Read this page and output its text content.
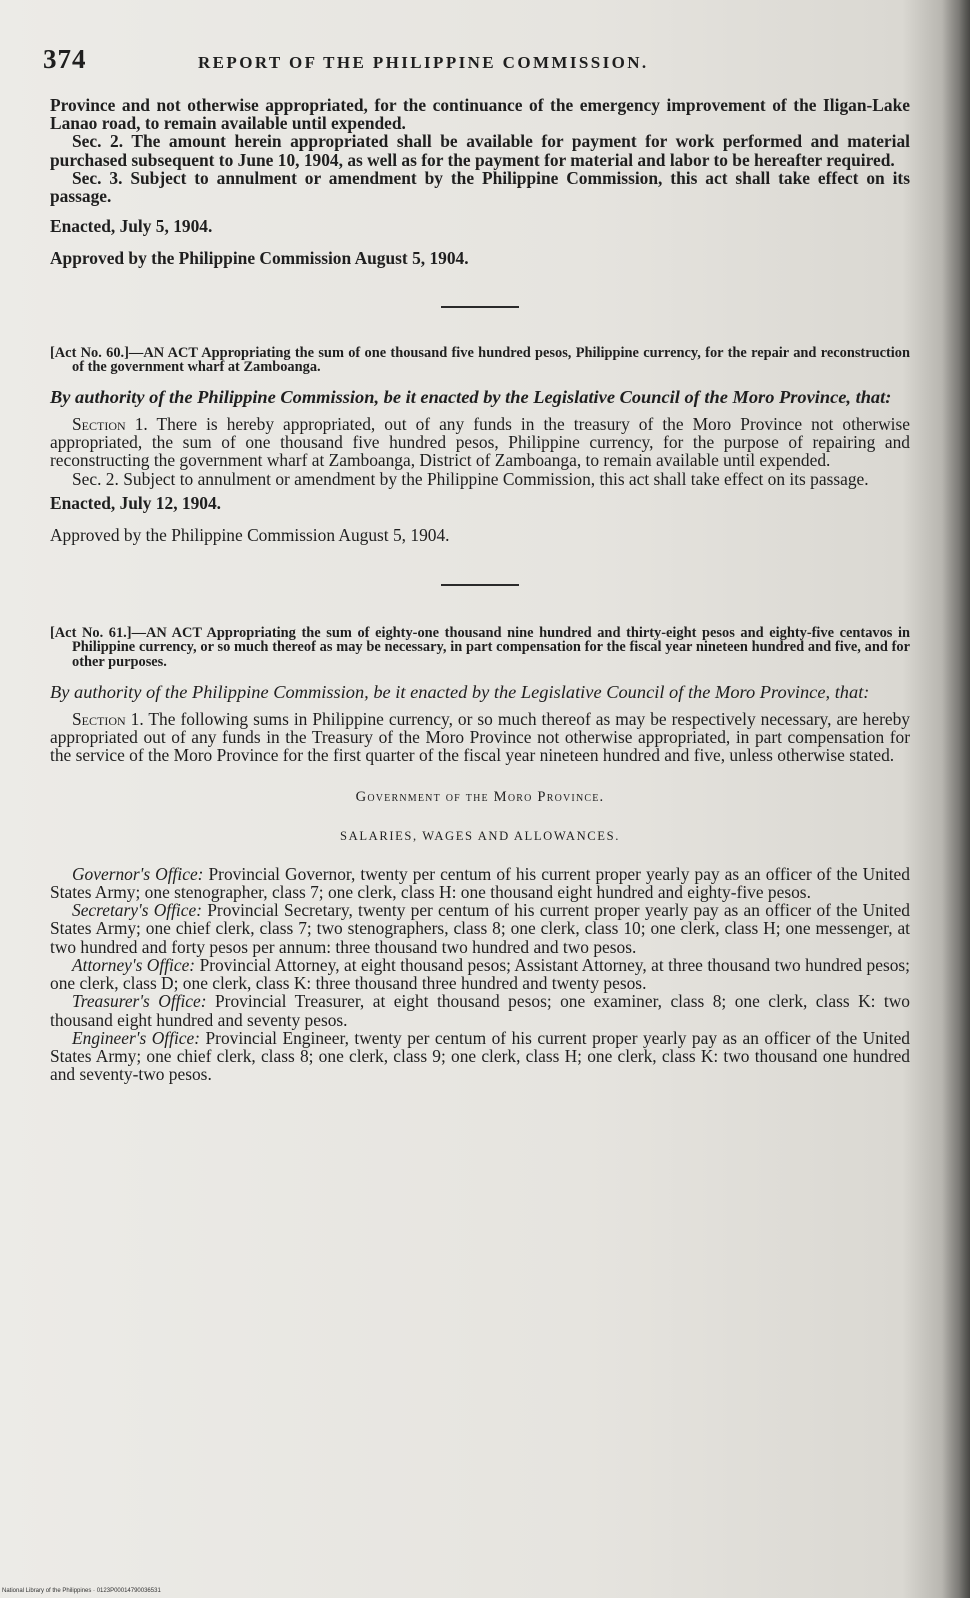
374	REPORT OF THE PHILIPPINE COMMISSION.

Province and not otherwise appropriated, for the continuance of the emergency improvement of the Iligan-Lake Lanao road, to remain available until expended.

Sec. 2. The amount herein appropriated shall be available for payment for work performed and material purchased subsequent to June 10, 1904, as well as for the payment for material and labor to be hereafter required.

Sec. 3. Subject to annulment or amendment by the Philippine Commission, this act shall take effect on its passage.

Enacted, July 5, 1904.

Approved by the Philippine Commission August 5, 1904.

[Act No. 60.]—AN ACT Appropriating the sum of one thousand five hundred pesos, Philippine currency, for the repair and reconstruction of the government wharf at Zamboanga.

By authority of the Philippine Commission, be it enacted by the Legislative Council of the Moro Province, that:

Section 1. There is hereby appropriated, out of any funds in the treasury of the Moro Province not otherwise appropriated, the sum of one thousand five hundred pesos, Philippine currency, for the purpose of repairing and reconstructing the government wharf at Zamboanga, District of Zamboanga, to remain available until expended.

Sec. 2. Subject to annulment or amendment by the Philippine Commission, this act shall take effect on its passage.

Enacted, July 12, 1904.

Approved by the Philippine Commission August 5, 1904.

[Act No. 61.]—AN ACT Appropriating the sum of eighty-one thousand nine hundred and thirty-eight pesos and eighty-five centavos in Philippine currency, or so much thereof as may be necessary, in part compensation for the fiscal year nineteen hundred and five, and for other purposes.

By authority of the Philippine Commission, be it enacted by the Legislative Council of the Moro Province, that:

Section 1. The following sums in Philippine currency, or so much thereof as may be respectively necessary, are hereby appropriated out of any funds in the Treasury of the Moro Province not otherwise appropriated, in part compensation for the service of the Moro Province for the first quarter of the fiscal year nineteen hundred and five, unless otherwise stated.

Government of the Moro Province.

SALARIES, WAGES AND ALLOWANCES.

Governor's Office: Provincial Governor, twenty per centum of his current proper yearly pay as an officer of the United States Army; one stenographer, class 7; one clerk, class H: one thousand eight hundred and eighty-five pesos.

Secretary's Office: Provincial Secretary, twenty per centum of his current proper yearly pay as an officer of the United States Army; one chief clerk, class 7; two stenographers, class 8; one clerk, class 10; one clerk, class H; one messenger, at two hundred and forty pesos per annum: three thousand two hundred and two pesos.

Attorney's Office: Provincial Attorney, at eight thousand pesos; Assistant Attorney, at three thousand two hundred pesos; one clerk, class D; one clerk, class K: three thousand three hundred and twenty pesos.

Treasurer's Office: Provincial Treasurer, at eight thousand pesos; one examiner, class 8; one clerk, class K: two thousand eight hundred and seventy pesos.

Engineer's Office: Provincial Engineer, twenty per centum of his current proper yearly pay as an officer of the United States Army; one chief clerk, class 8; one clerk, class 9; one clerk, class H; one clerk, class K: two thousand one hundred and seventy-two pesos.

National Library of the Philippines · 0123P00014790036531
